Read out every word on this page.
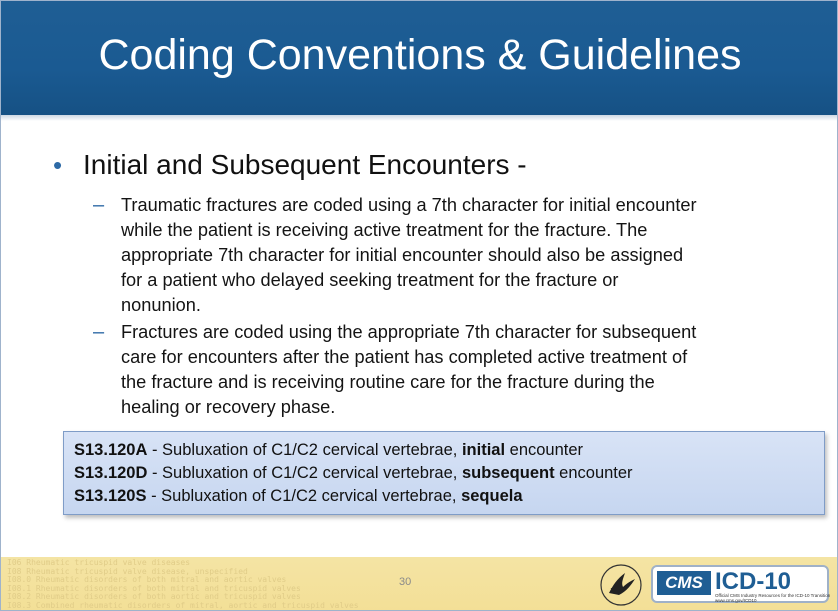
Coding Conventions & Guidelines
• Initial and Subsequent Encounters -
– Traumatic fractures are coded using a 7th character for initial encounter
while the patient is receiving active treatment for the fracture. The
appropriate 7th character for initial encounter should also be assigned
for a patient who delayed seeking treatment for the fracture or
nonunion.
– Fractures are coded using the appropriate 7th character for subsequent
care for encounters after the patient has completed active treatment of
the fracture and is receiving routine care for the fracture during the
healing or recovery phase.
S13.120A - Subluxation of C1/C2 cervical vertebrae, initial encounter
S13.120D - Subluxation of C1/C2 cervical vertebrae, subsequent encounter
S13.120S - Subluxation of C1/C2 cervical vertebrae, sequela
I06 Rheumatic tricuspid valve diseases
I08 Rheumatic tricuspid valve disease, unspecified
I08.0 Rheumatic disorders of both mitral and aortic valves
I08.1 Rheumatic disorders of both mitral and tricuspid valves
I08.2 Rheumatic disorders of both aortic and tricuspid valves
I08.3 Combined rheumatic disorders of mitral, aortic and tricuspid valves
30	CMS ICD-10
Official CMS Industry Resources for the ICD-10 Transition
www.cms.gov/ICD10
